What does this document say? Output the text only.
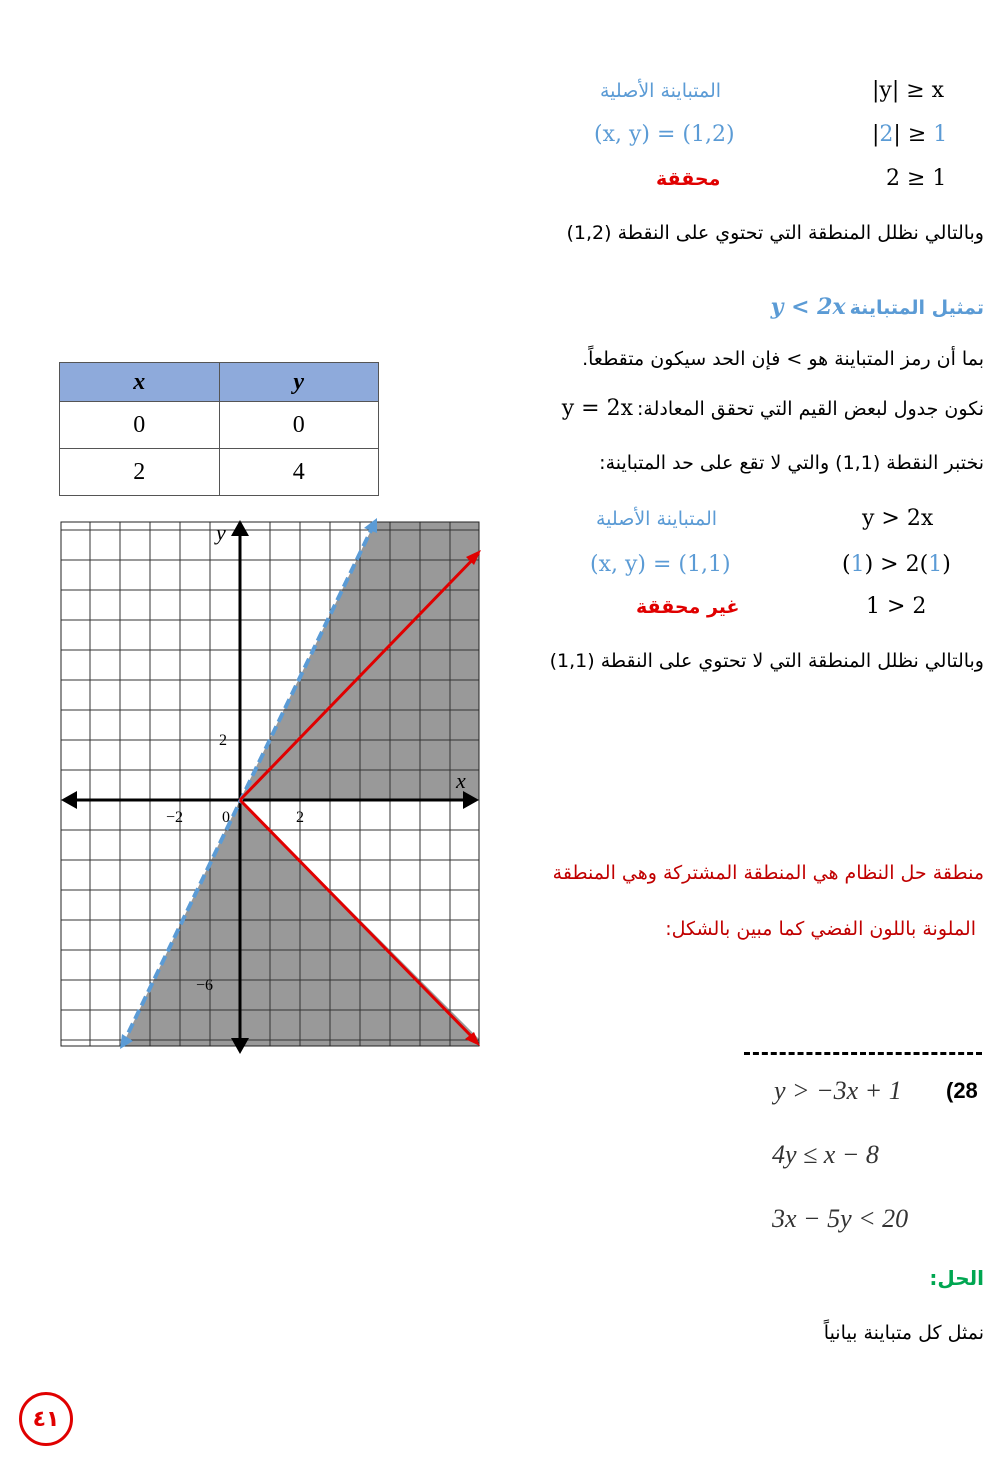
|y| ≥ x
المتباينة الأصلية
|2| ≥ 1
(x, y) = (1,2)
2 ≥ 1
محققة
وبالتالي نظلل المنطقة التي تحتوي على النقطة (1,2)
تمثيل المتباينة y < 2x
بما أن رمز المتباينة هو > فإن الحد سيكون متقطعاً.
نكون جدول لبعض القيم التي تحقق المعادلة: y = 2x
نختبر النقطة (1,1) والتي لا تقع على حد المتباينة:
y > 2x
المتباينة الأصلية
(1) > 2(1)
(x, y) = (1,1)
1 > 2
غير محققة
وبالتالي نظلل المنطقة التي لا تحتوي على النقطة (1,1)
x	y
0	0
2	4
x
y
−2 0	2
2
−6
منطقة حل النظام هي المنطقة المشتركة وهي المنطقة
الملونة باللون الفضي كما مبين بالشكل:
(28
y > −3x + 1
4y ≤ x − 8
3x − 5y < 20
الحل:
نمثل كل متباينة بيانياً
٤١
